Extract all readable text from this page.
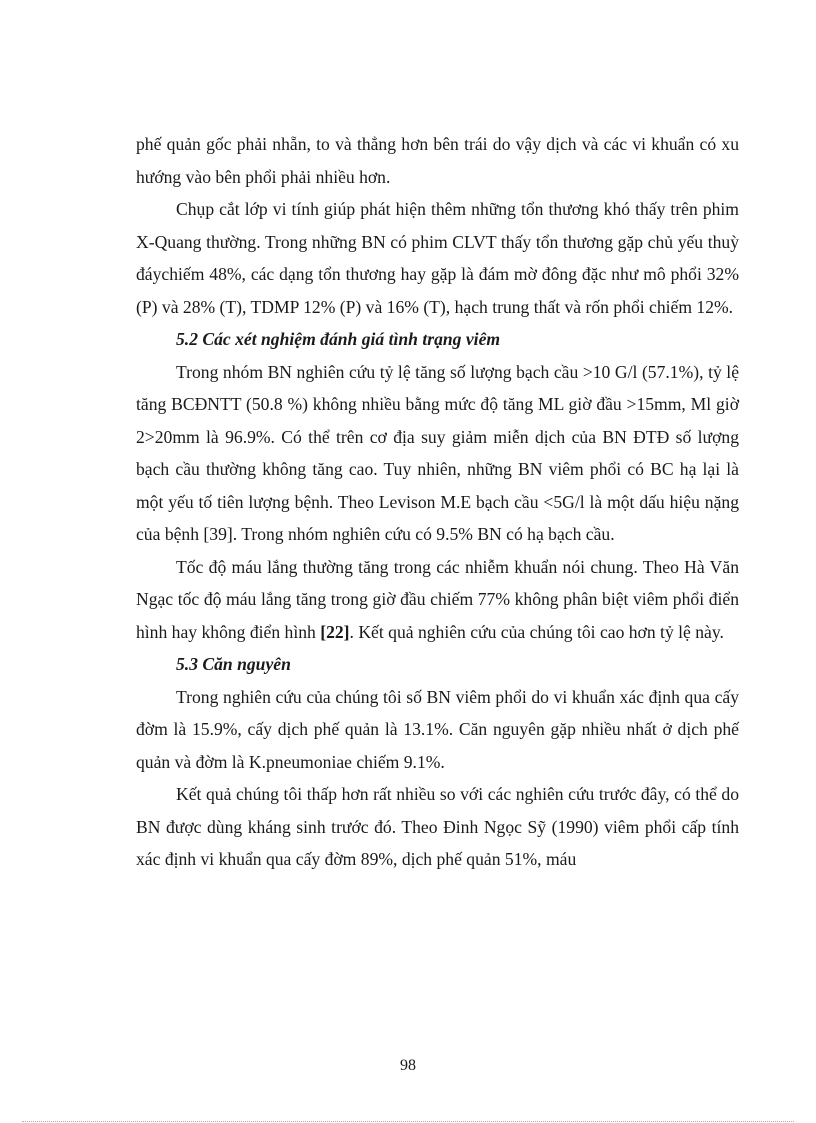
phế quản gốc phải nhẵn, to và thẳng hơn bên trái do vậy dịch và các vi khuẩn có xu hướng vào bên phổi phải nhiều hơn.

Chụp cắt lớp vi tính giúp phát hiện thêm những tổn thương khó thấy trên phim X-Quang thường. Trong những BN có phim CLVT thấy tổn thương gặp chủ yếu thuỳ đáychiếm 48%, các dạng tổn thương hay gặp là đám mờ đông đặc như mô phổi 32% (P) và 28% (T), TDMP 12% (P) và 16% (T), hạch trung thất và rốn phổi chiếm 12%.

5.2 Các xét nghiệm đánh giá tình trạng viêm

Trong nhóm BN nghiên cứu tỷ lệ tăng số lượng bạch cầu >10 G/l (57.1%), tỷ lệ tăng BCĐNTT (50.8 %) không nhiều bằng mức độ tăng ML giờ đầu >15mm, Ml giờ 2>20mm là 96.9%. Có thể trên cơ địa suy giảm miễn dịch của BN ĐTĐ số lượng bạch cầu thường không tăng cao. Tuy nhiên, những BN viêm phổi có BC hạ lại là một yếu tố tiên lượng bệnh. Theo Levison M.E bạch cầu <5G/l là một dấu hiệu nặng của bệnh [39]. Trong nhóm nghiên cứu có 9.5% BN có hạ bạch cầu.

Tốc độ máu lắng thường tăng trong các nhiễm khuẩn nói chung. Theo Hà Văn Ngạc tốc độ máu lắng tăng trong giờ đầu chiếm 77% không phân biệt viêm phổi điển hình hay không điển hình [22]. Kết quả nghiên cứu của chúng tôi cao hơn tỷ lệ này.

5.3 Căn nguyên

Trong nghiên cứu của chúng tôi số BN viêm phổi do vi khuẩn xác định qua cấy đờm là 15.9%, cấy dịch phế quản là 13.1%. Căn nguyên gặp nhiều nhất ở dịch phế quản và đờm là K.pneumoniae chiếm 9.1%.

Kết quả chúng tôi thấp hơn rất nhiều so với các nghiên cứu trước đây, có thể do BN được dùng kháng sinh trước đó. Theo Đinh Ngọc Sỹ (1990) viêm phổi cấp tính xác định vi khuẩn qua cấy đờm 89%, dịch phế quản 51%, máu

98
